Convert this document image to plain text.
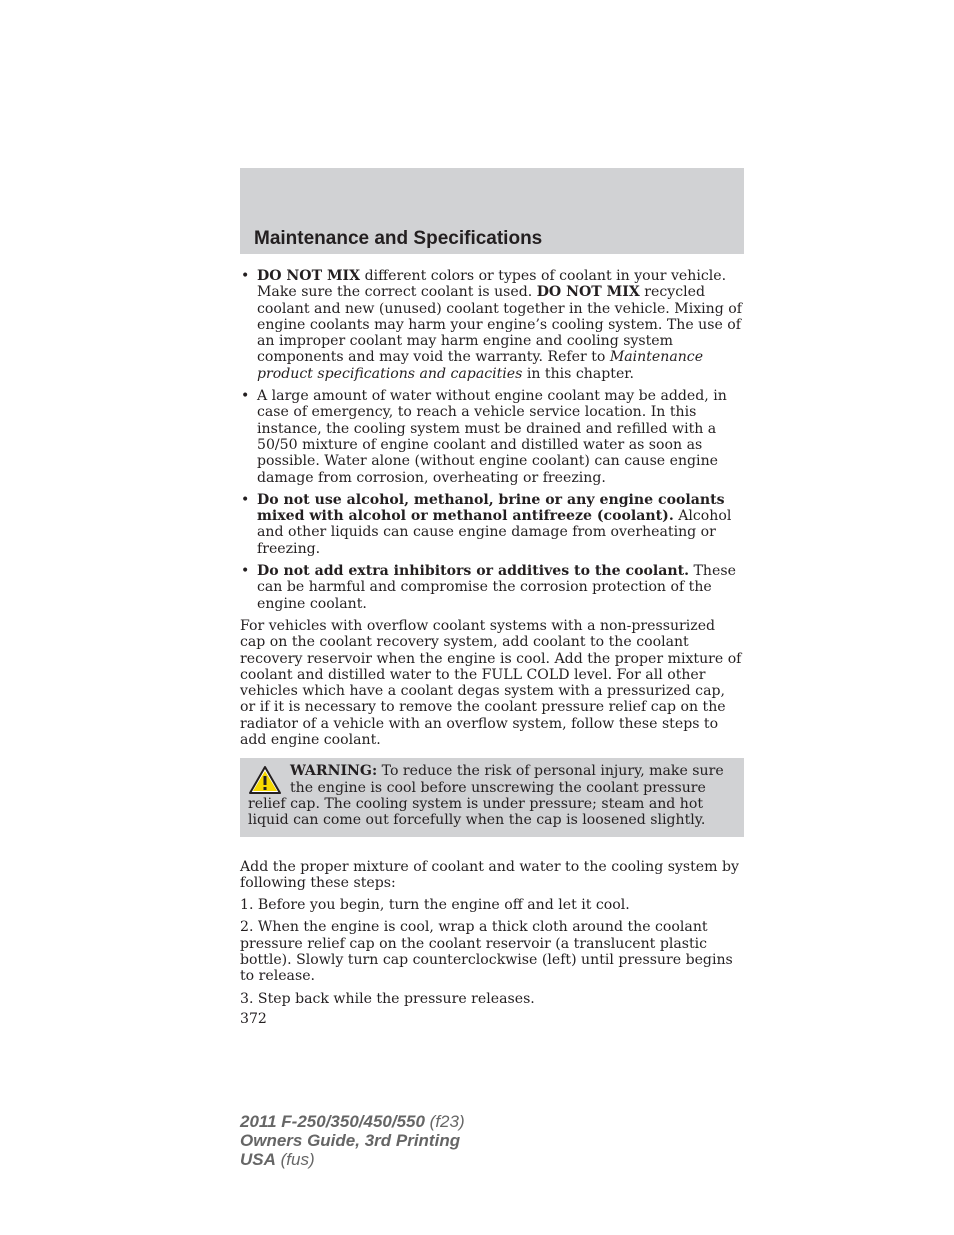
Maintenance and Specifications
• DO NOT MIX different colors or types of coolant in your vehicle. Make sure the correct coolant is used. DO NOT MIX recycled coolant and new (unused) coolant together in the vehicle. Mixing of engine coolants may harm your engine’s cooling system. The use of an improper coolant may harm engine and cooling system components and may void the warranty. Refer to Maintenance product specifications and capacities in this chapter.
• A large amount of water without engine coolant may be added, in case of emergency, to reach a vehicle service location. In this instance, the cooling system must be drained and refilled with a 50/50 mixture of engine coolant and distilled water as soon as possible. Water alone (without engine coolant) can cause engine damage from corrosion, overheating or freezing.
• Do not use alcohol, methanol, brine or any engine coolants mixed with alcohol or methanol antifreeze (coolant). Alcohol and other liquids can cause engine damage from overheating or freezing.
• Do not add extra inhibitors or additives to the coolant. These can be harmful and compromise the corrosion protection of the engine coolant.

For vehicles with overflow coolant systems with a non-pressurized cap on the coolant recovery system, add coolant to the coolant recovery reservoir when the engine is cool. Add the proper mixture of coolant and distilled water to the FULL COLD level. For all other vehicles which have a coolant degas system with a pressurized cap, or if it is necessary to remove the coolant pressure relief cap on the radiator of a vehicle with an overflow system, follow these steps to add engine coolant.

WARNING: To reduce the risk of personal injury, make sure the engine is cool before unscrewing the coolant pressure relief cap. The cooling system is under pressure; steam and hot liquid can come out forcefully when the cap is loosened slightly.

Add the proper mixture of coolant and water to the cooling system by following these steps:

1. Before you begin, turn the engine off and let it cool.

2. When the engine is cool, wrap a thick cloth around the coolant pressure relief cap on the coolant reservoir (a translucent plastic bottle). Slowly turn cap counterclockwise (left) until pressure begins to release.

3. Step back while the pressure releases.

372
2011 F-250/350/450/550 (f23)
Owners Guide, 3rd Printing
USA (fus)
